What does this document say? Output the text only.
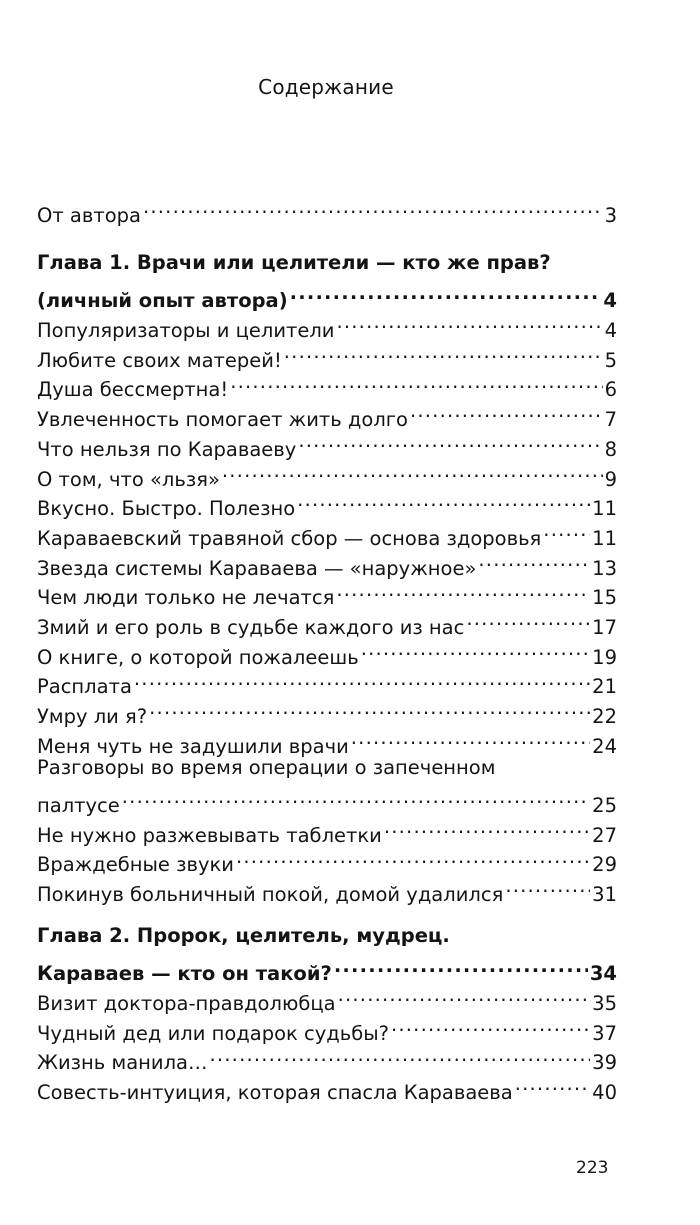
Содержание
От автора .....	3
Глава 1. Врачи или целители — кто же прав?
(личный опыт автора) .....	4
Популяризаторы и целители .....	4
Любите своих матерей! .....	5
Душа бессмертна! .....	6
Увлеченность помогает жить долго .....	7
Что нельзя по Караваеву .....	8
О том, что «льзя» .....	9
Вкусно. Быстро. Полезно .....	11
Караваевский травяной сбор — основа здоровья .....	11
Звезда системы Караваева — «наружное» .....	13
Чем люди только не лечатся .....	15
Змий и его роль в судьбе каждого из нас .....	17
О книге, о которой пожалеешь .....	19
Расплата .....	21
Умру ли я? .....	22
Меня чуть не задушили врачи .....	24
Разговоры во время операции о запеченном
палтусе .....	25
Не нужно разжевывать таблетки .....	27
Враждебные звуки .....	29
Покинув больничный покой, домой удалился .....	31
Глава 2. Пророк, целитель, мудрец.
Караваев — кто он такой? .....	34
Визит доктора-правдолюбца .....	35
Чудный дед или подарок судьбы? .....	37
Жизнь манила… .....	39
Совесть-интуиция, которая спасла Караваева .....	40
223
